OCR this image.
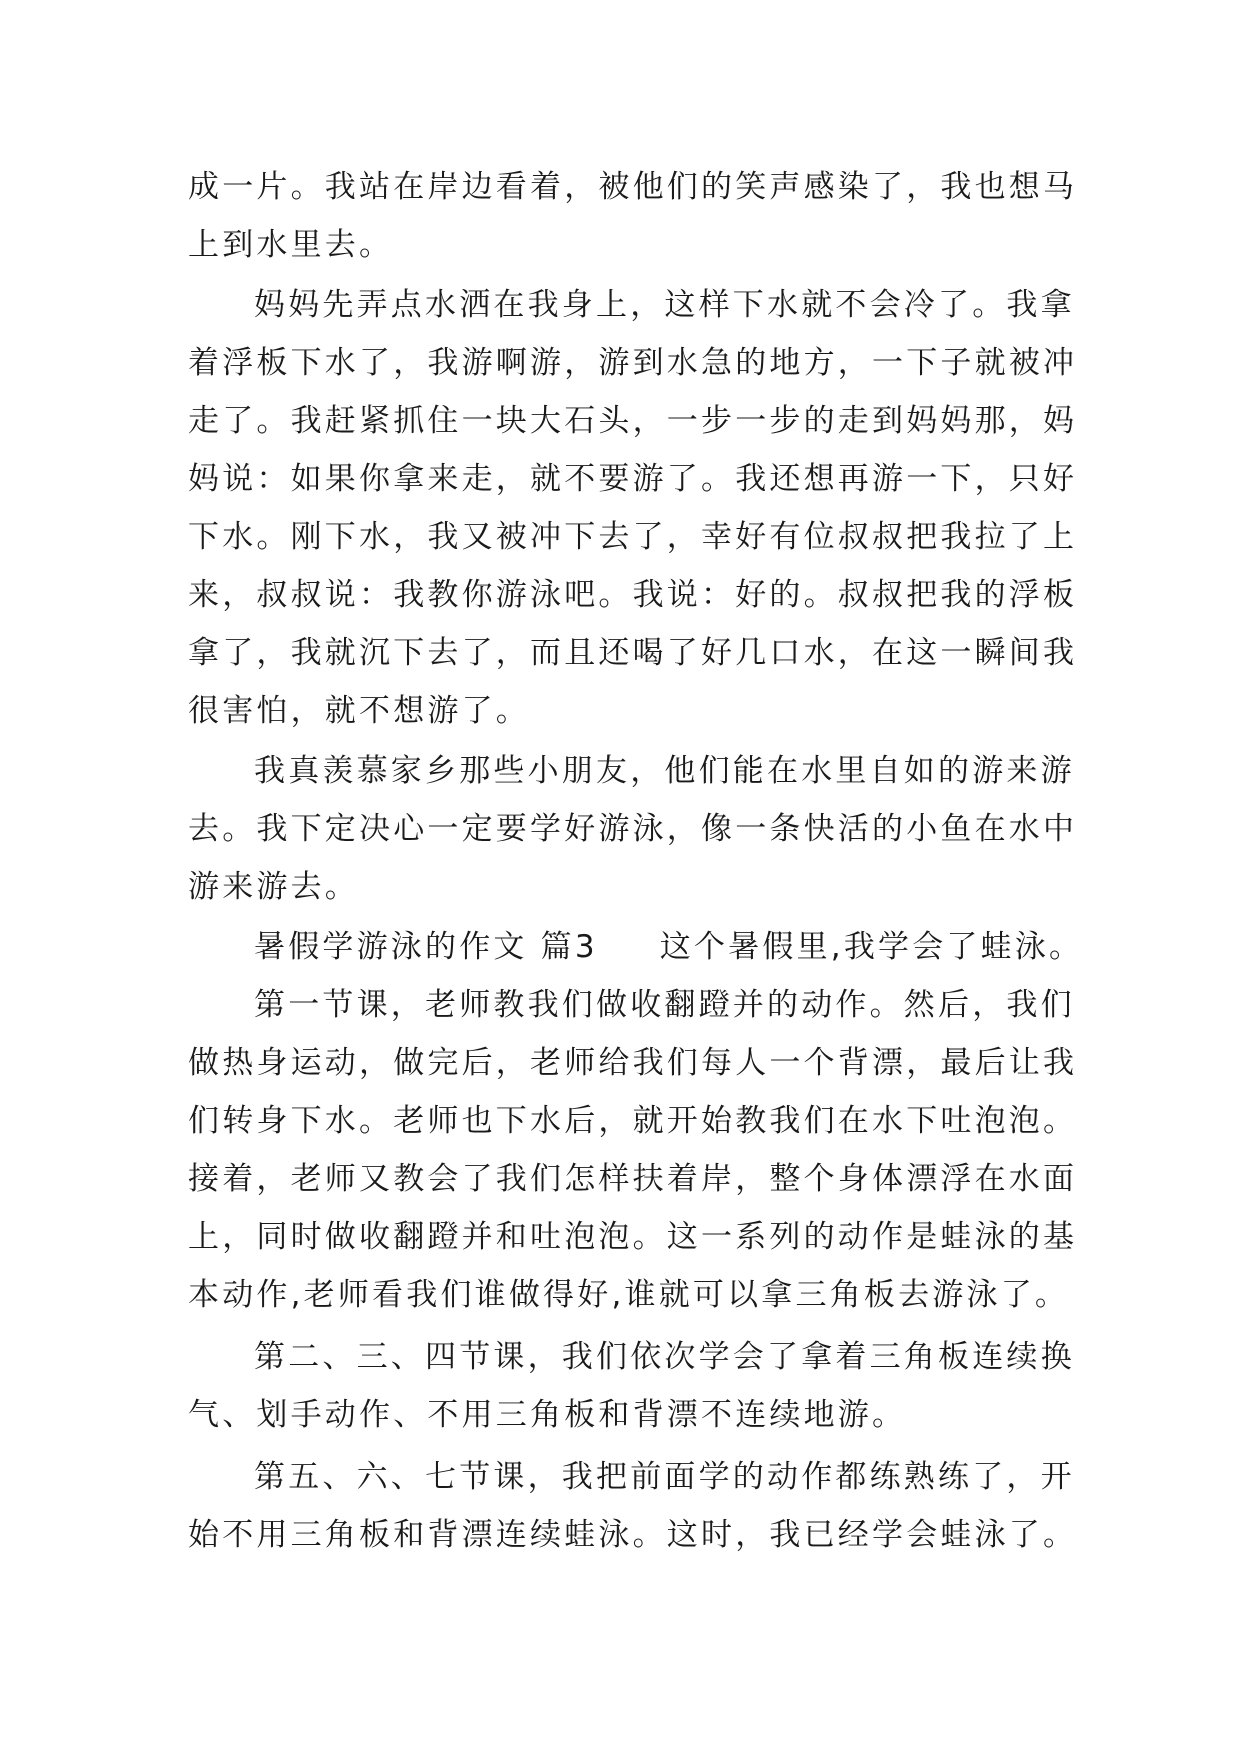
成一片。我站在岸边看着，被他们的笑声感染了，我也想马
上到水里去。
妈妈先弄点水洒在我身上，这样下水就不会冷了。我拿
着浮板下水了，我游啊游，游到水急的地方，一下子就被冲
走了。我赶紧抓住一块大石头，一步一步的走到妈妈那，妈
妈说：如果你拿来走，就不要游了。我还想再游一下，只好
下水。刚下水，我又被冲下去了，幸好有位叔叔把我拉了上
来，叔叔说：我教你游泳吧。我说：好的。叔叔把我的浮板
拿了，我就沉下去了，而且还喝了好几口水，在这一瞬间我
很害怕，就不想游了。
我真羡慕家乡那些小朋友，他们能在水里自如的游来游
去。我下定决心一定要学好游泳，像一条快活的小鱼在水中
游来游去。
暑假学游泳的作文 篇3 这个暑假里,我学会了蛙泳。
第一节课，老师教我们做收翻蹬并的动作。然后，我们
做热身运动，做完后，老师给我们每人一个背漂，最后让我
们转身下水。老师也下水后，就开始教我们在水下吐泡泡。
接着，老师又教会了我们怎样扶着岸，整个身体漂浮在水面
上，同时做收翻蹬并和吐泡泡。这一系列的动作是蛙泳的基
本动作,老师看我们谁做得好,谁就可以拿三角板去游泳了。
第二、三、四节课，我们依次学会了拿着三角板连续换
气、划手动作、不用三角板和背漂不连续地游。
第五、六、七节课，我把前面学的动作都练熟练了，开
始不用三角板和背漂连续蛙泳。这时，我已经学会蛙泳了。
